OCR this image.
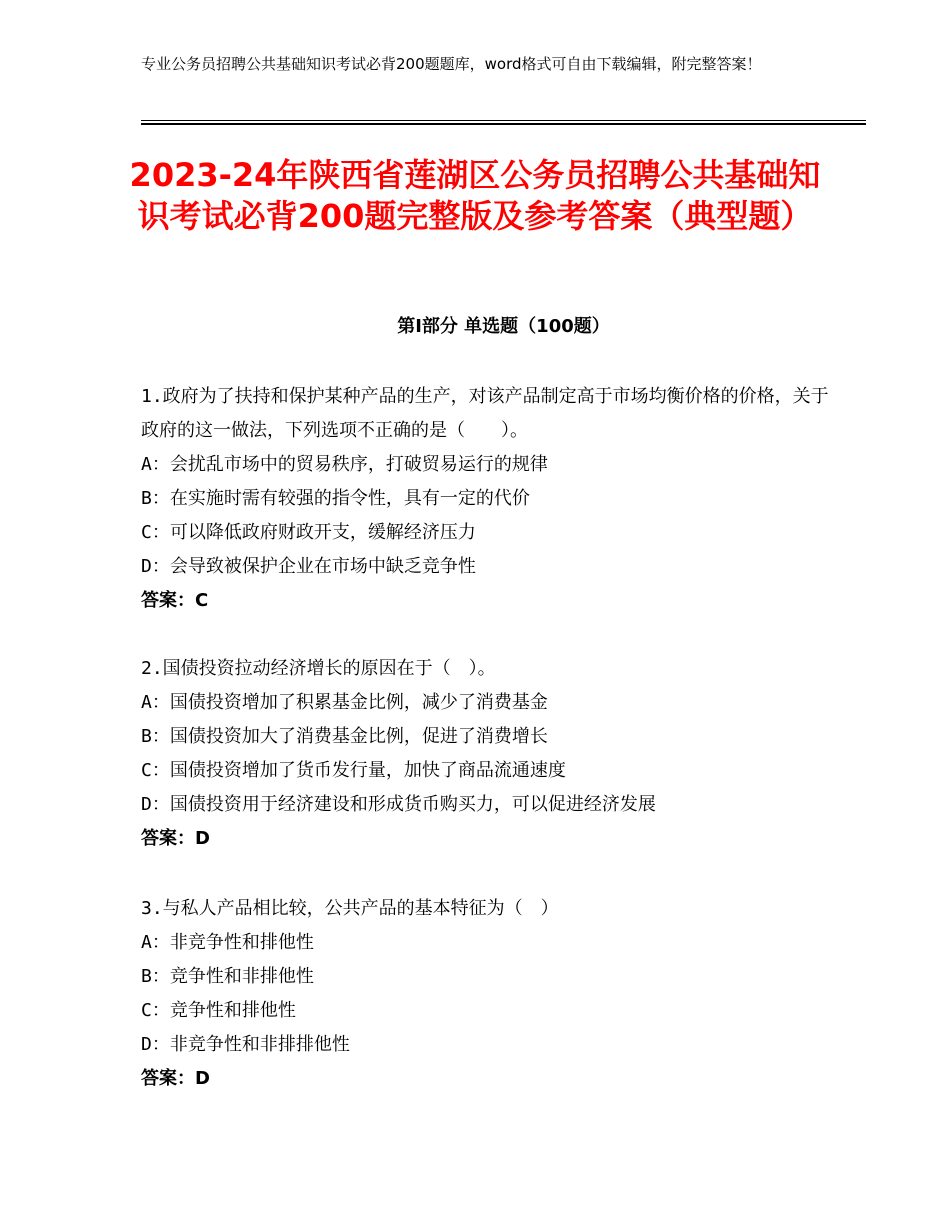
专业公务员招聘公共基础知识考试必背200题题库，word格式可自由下载编辑，附完整答案！
2023-24年陕西省莲湖区公务员招聘公共基础知识考试必背200题完整版及参考答案（典型题）
第Ⅰ部分 单选题（100题）
1.政府为了扶持和保护某种产品的生产，对该产品制定高于市场均衡价格的价格，关于政府的这一做法，下列选项不正确的是（　　）。
A：会扰乱市场中的贸易秩序，打破贸易运行的规律
B：在实施时需有较强的指令性，具有一定的代价
C：可以降低政府财政开支，缓解经济压力
D：会导致被保护企业在市场中缺乏竞争性
答案：C
2.国债投资拉动经济增长的原因在于（　）。
A：国债投资增加了积累基金比例，减少了消费基金
B：国债投资加大了消费基金比例，促进了消费增长
C：国债投资增加了货币发行量，加快了商品流通速度
D：国债投资用于经济建设和形成货币购买力，可以促进经济发展
答案：D
3.与私人产品相比较，公共产品的基本特征为（　）
A：非竞争性和排他性
B：竞争性和非排他性
C：竞争性和排他性
D：非竞争性和非排排他性
答案：D
